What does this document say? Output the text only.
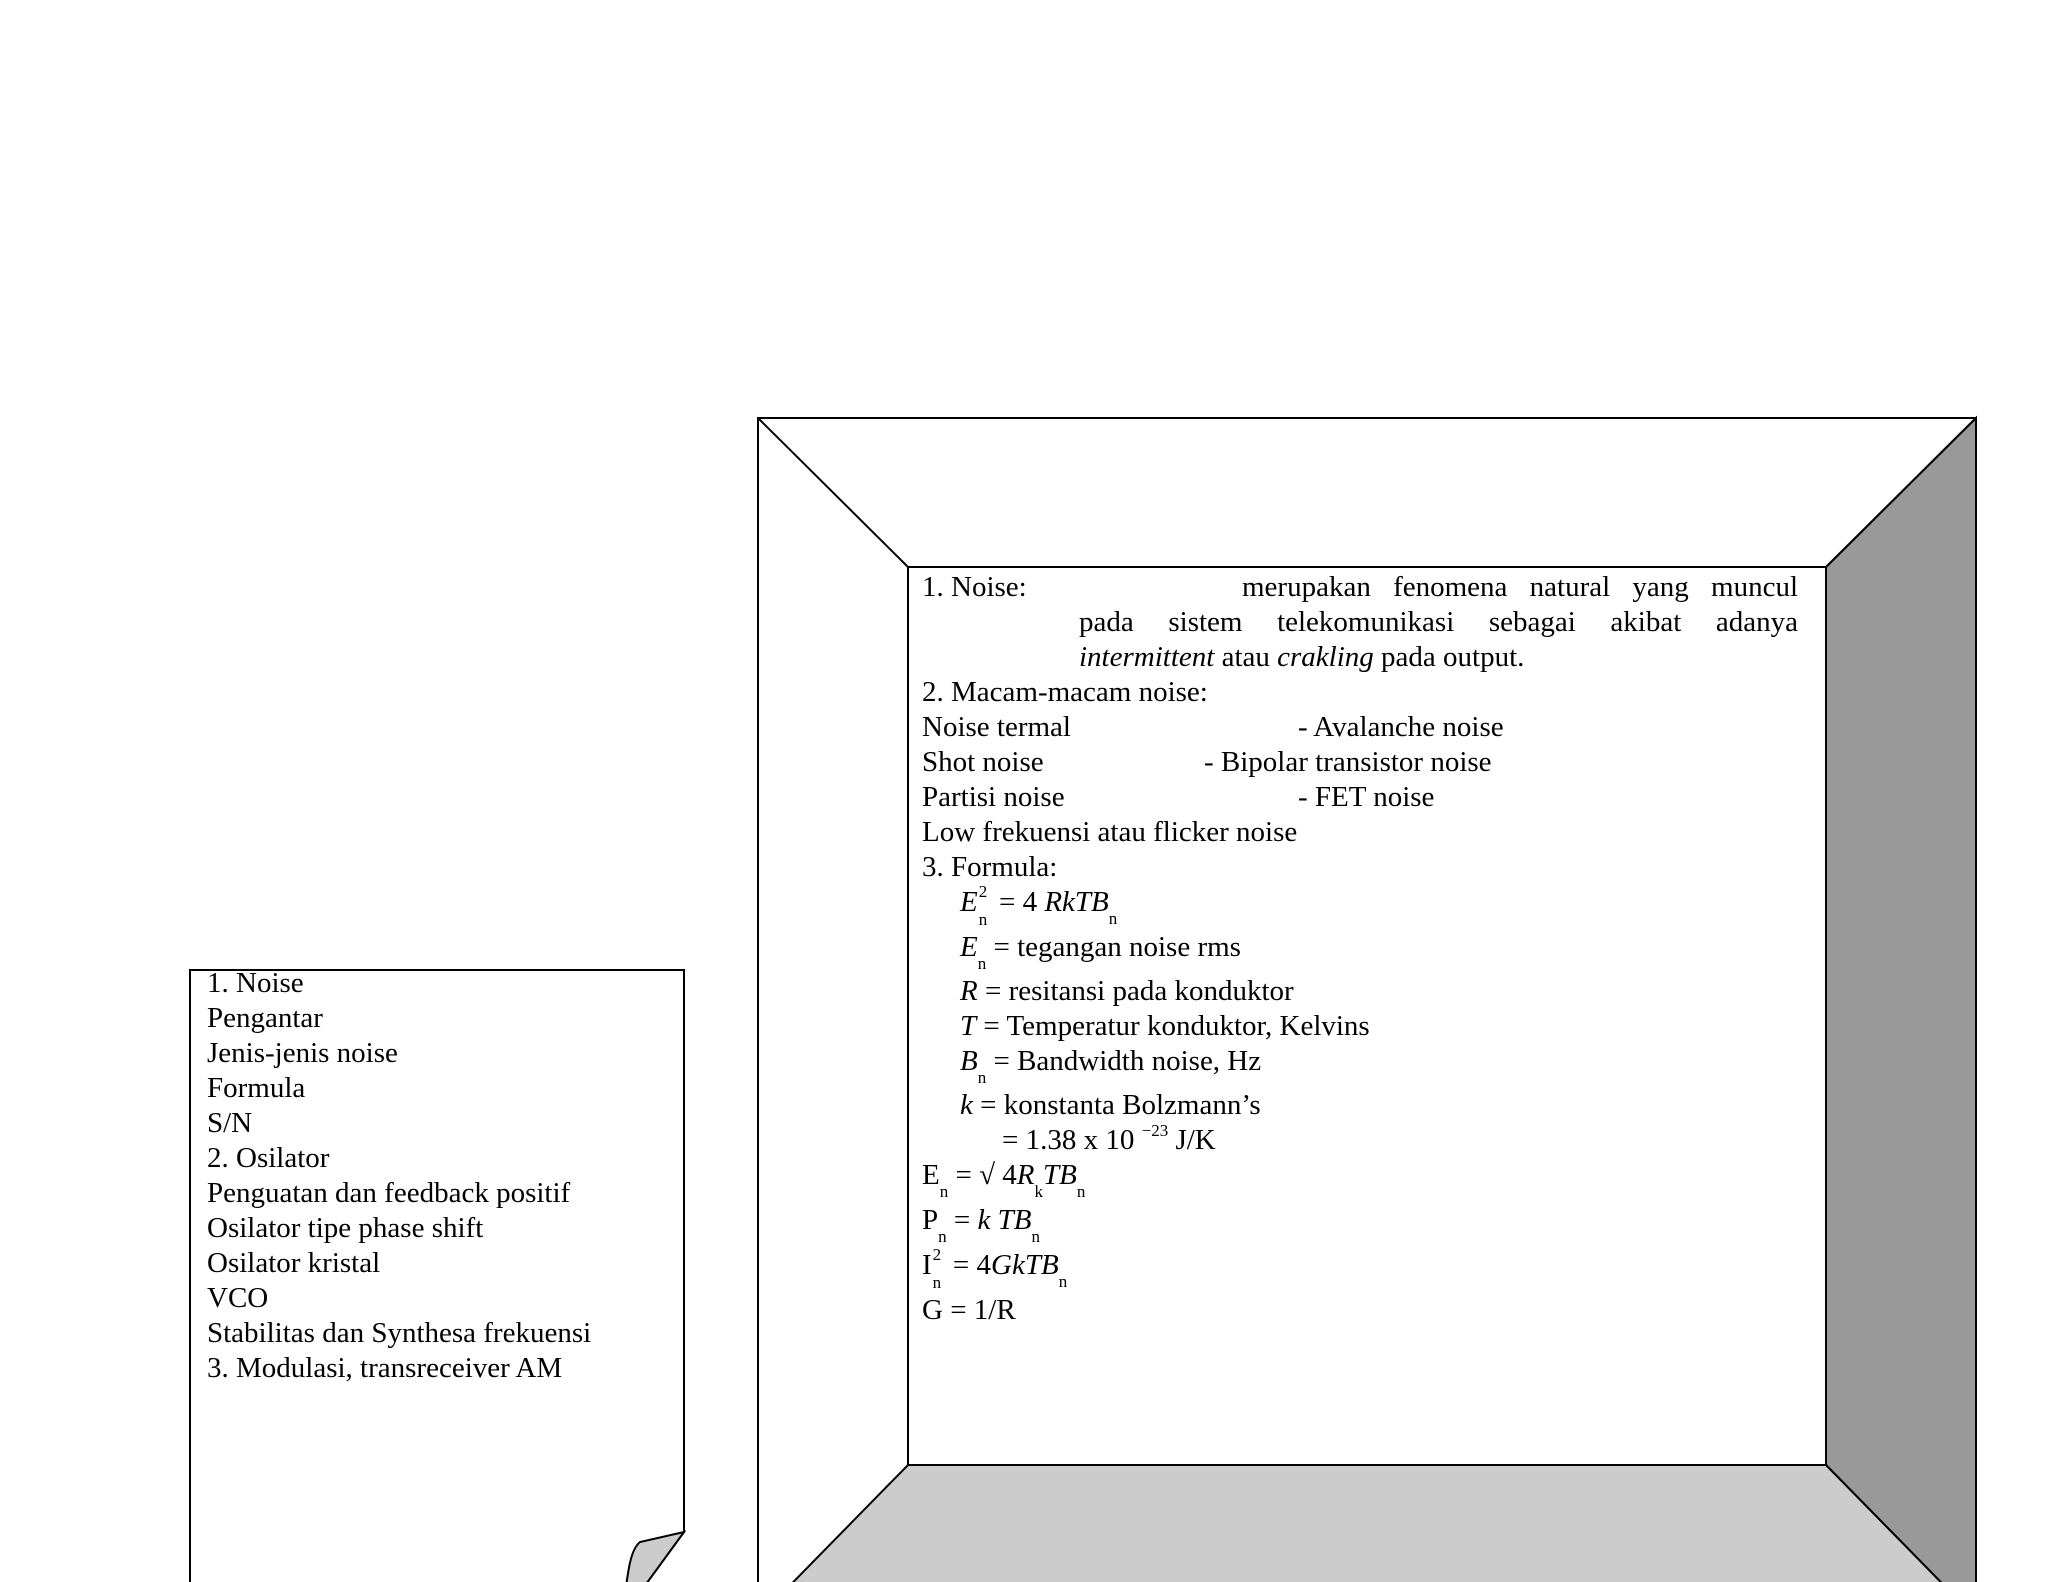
1. Noise
Pengantar
Jenis-jenis noise
Formula
S/N
2. Osilator
Penguatan dan feedback positif
Osilator tipe phase shift
Osilator kristal
VCO
Stabilitas dan Synthesa frekuensi
3. Modulasi, transreceiver AM
1. Noise:	merupakan fenomena natural yang muncul
pada sistem telekomunikasi sebagai akibat adanya
intermittent atau crakling pada output.
2. Macam-macam noise:
Noise termal	- Avalanche noise
Shot noise	- Bipolar transistor noise
Partisi noise	- FET noise
Low frekuensi atau flicker noise
3. Formula:
E 2
n
= 4 RkTB$_n$
$E_n$ = tegangan noise rms
R = resitansi pada konduktor
T = Temperatur konduktor, Kelvins
$B_n$ = Bandwidth noise, Hz
k = konstanta Bolzmann’s
= 1.38 x 10 $^{-23}$ J/K
$E_n$ = √ $4R_kTB_n$
$P_n = k$ $TB_n$
I 2
n
= 4GkTB$_n$
G = 1/R
